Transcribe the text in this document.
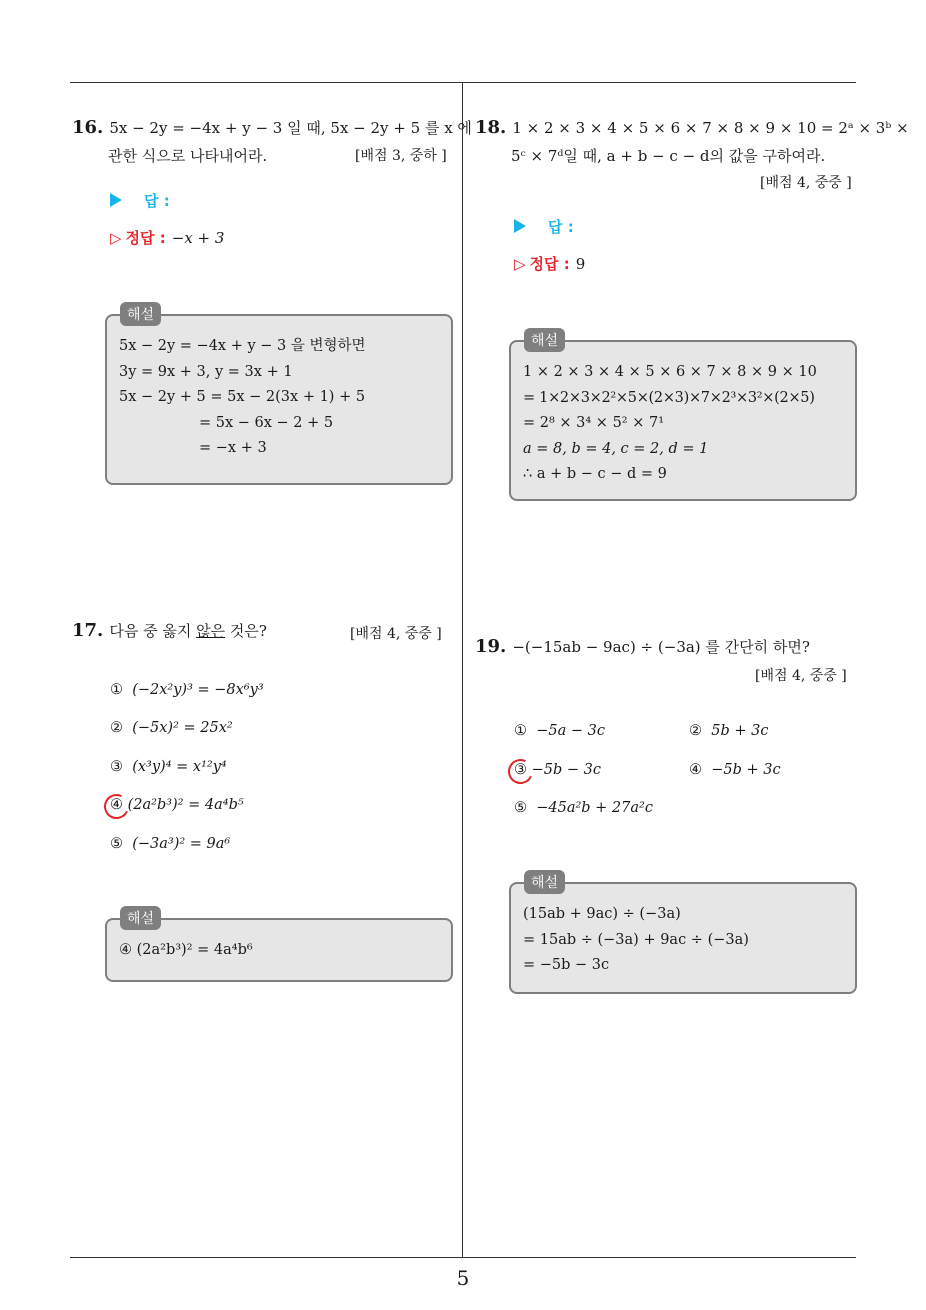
16. 5x − 2y = −4x + y − 3 일 때, 5x − 2y + 5 를 x 에
관한 식으로 나타내어라.	[배점 3, 중하 ]
답 :
▷ 정답 : −x + 3
5x − 2y = −4x + y − 3 을 변형하면
3y = 9x + 3, y = 3x + 1
5x − 2y + 5 = 5x − 2(3x + 1) + 5
= 5x − 6x − 2 + 5
= −x + 3
해설
17. 다음 중 옳지 않은 것은?	[배점 4, 중중 ]
① (−2x²y)³ = −8x⁶y³
② (−5x)² = 25x²
③ (x³y)⁴ = x¹²y⁴
④ (2a²b³)² = 4a⁴b⁵
⑤ (−3a³)² = 9a⁶
④ (2a²b³)² = 4a⁴b⁶
해설
18. 1 × 2 × 3 × 4 × 5 × 6 × 7 × 8 × 9 × 10 = 2ᵃ × 3ᵇ ×
5ᶜ × 7ᵈ일 때, a + b − c − d의 값을 구하여라.
[배점 4, 중중 ]
답 :
▷ 정답 : 9
1 × 2 × 3 × 4 × 5 × 6 × 7 × 8 × 9 × 10
= 1×2×3×2²×5×(2×3)×7×2³×3²×(2×5)
= 2⁸ × 3⁴ × 5² × 7¹
a = 8, b = 4, c = 2, d = 1
∴ a + b − c − d = 9
해설
19. −(−15ab − 9ac) ÷ (−3a) 를 간단히 하면?
[배점 4, 중중 ]
① −5a − 3c	② 5b + 3c
③ −5b − 3c	④ −5b + 3c
⑤ −45a²b + 27a²c
(15ab + 9ac) ÷ (−3a)
= 15ab ÷ (−3a) + 9ac ÷ (−3a)
= −5b − 3c
해설
5
